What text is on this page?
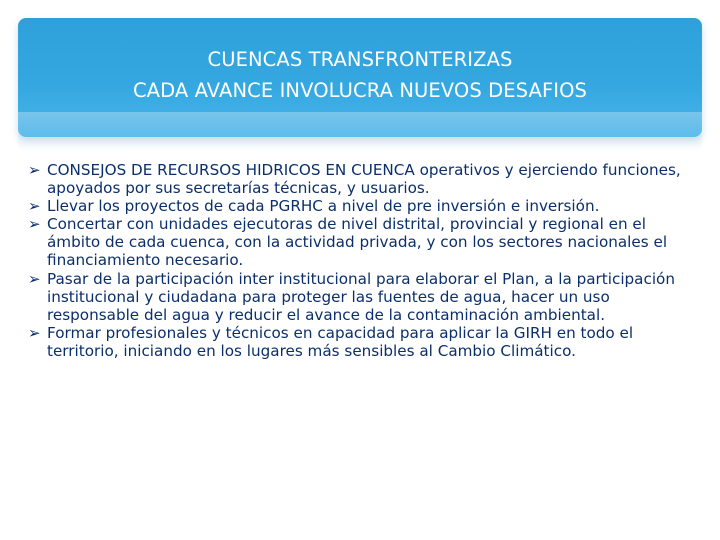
CUENCAS TRANSFRONTERIZAS
CADA AVANCE INVOLUCRA NUEVOS DESAFIOS
➢ CONSEJOS DE RECURSOS HIDRICOS EN CUENCA operativos y ejerciendo funciones, apoyados por sus secretarías técnicas, y usuarios.
➢ Llevar los proyectos de cada PGRHC a nivel de pre inversión e inversión.
➢ Concertar con unidades ejecutoras de nivel distrital, provincial y regional en el ámbito de cada cuenca, con la actividad privada, y con los sectores nacionales el financiamiento necesario.
➢ Pasar de la participación inter institucional para elaborar el Plan, a la participación institucional y ciudadana para proteger las fuentes de agua, hacer un uso responsable del agua y reducir el avance de la contaminación ambiental.
➢ Formar profesionales y técnicos en capacidad para aplicar la GIRH en todo el territorio, iniciando en los lugares más sensibles al Cambio Climático.
